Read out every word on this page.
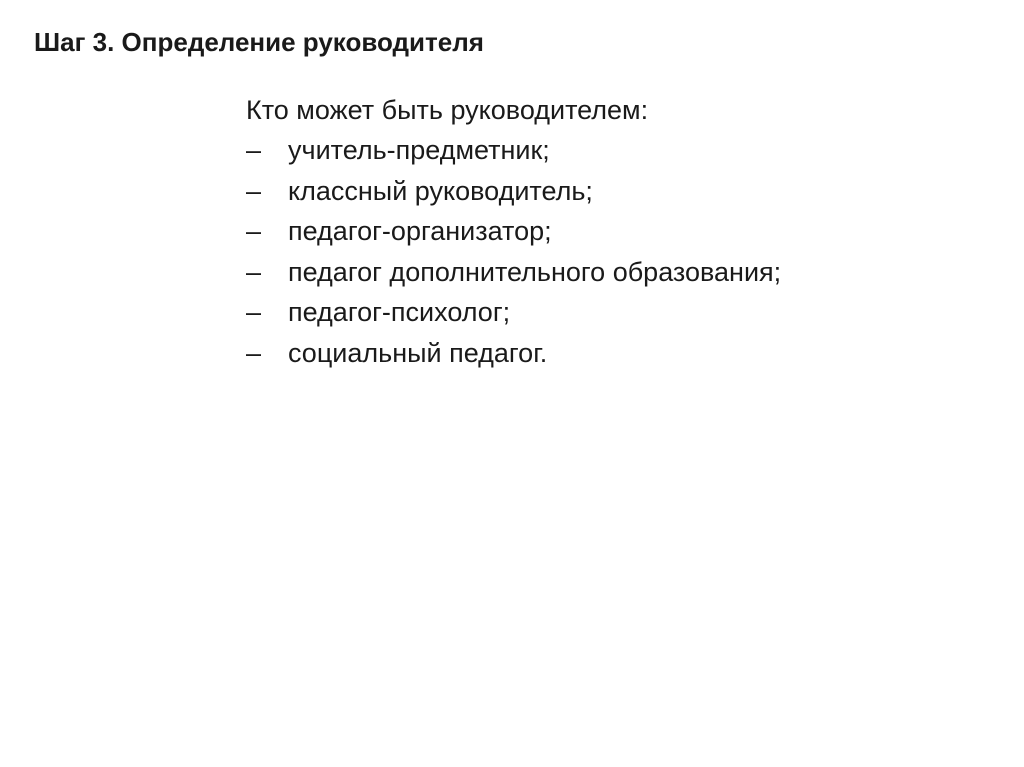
Шаг 3. Определение руководителя
Кто может быть руководителем:
– учитель-предметник;
– классный руководитель;
– педагог-организатор;
– педагог дополнительного образования;
– педагог-психолог;
– социальный педагог.
